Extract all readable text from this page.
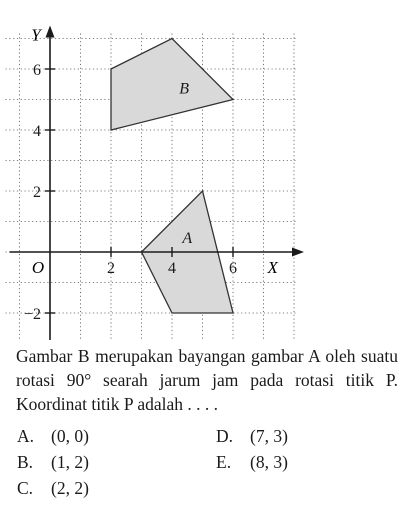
A
B
2	4	6
6
4
2
−2
X
Y
O
Gambar B merupakan bayangan gambar A oleh suatu rotasi 90° searah jarum jam pada rotasi titik P. Koordinat titik P adalah . . . .
A. (0, 0)
B. (1, 2)
C. (2, 2)
D. (7, 3)
E. (8, 3)
